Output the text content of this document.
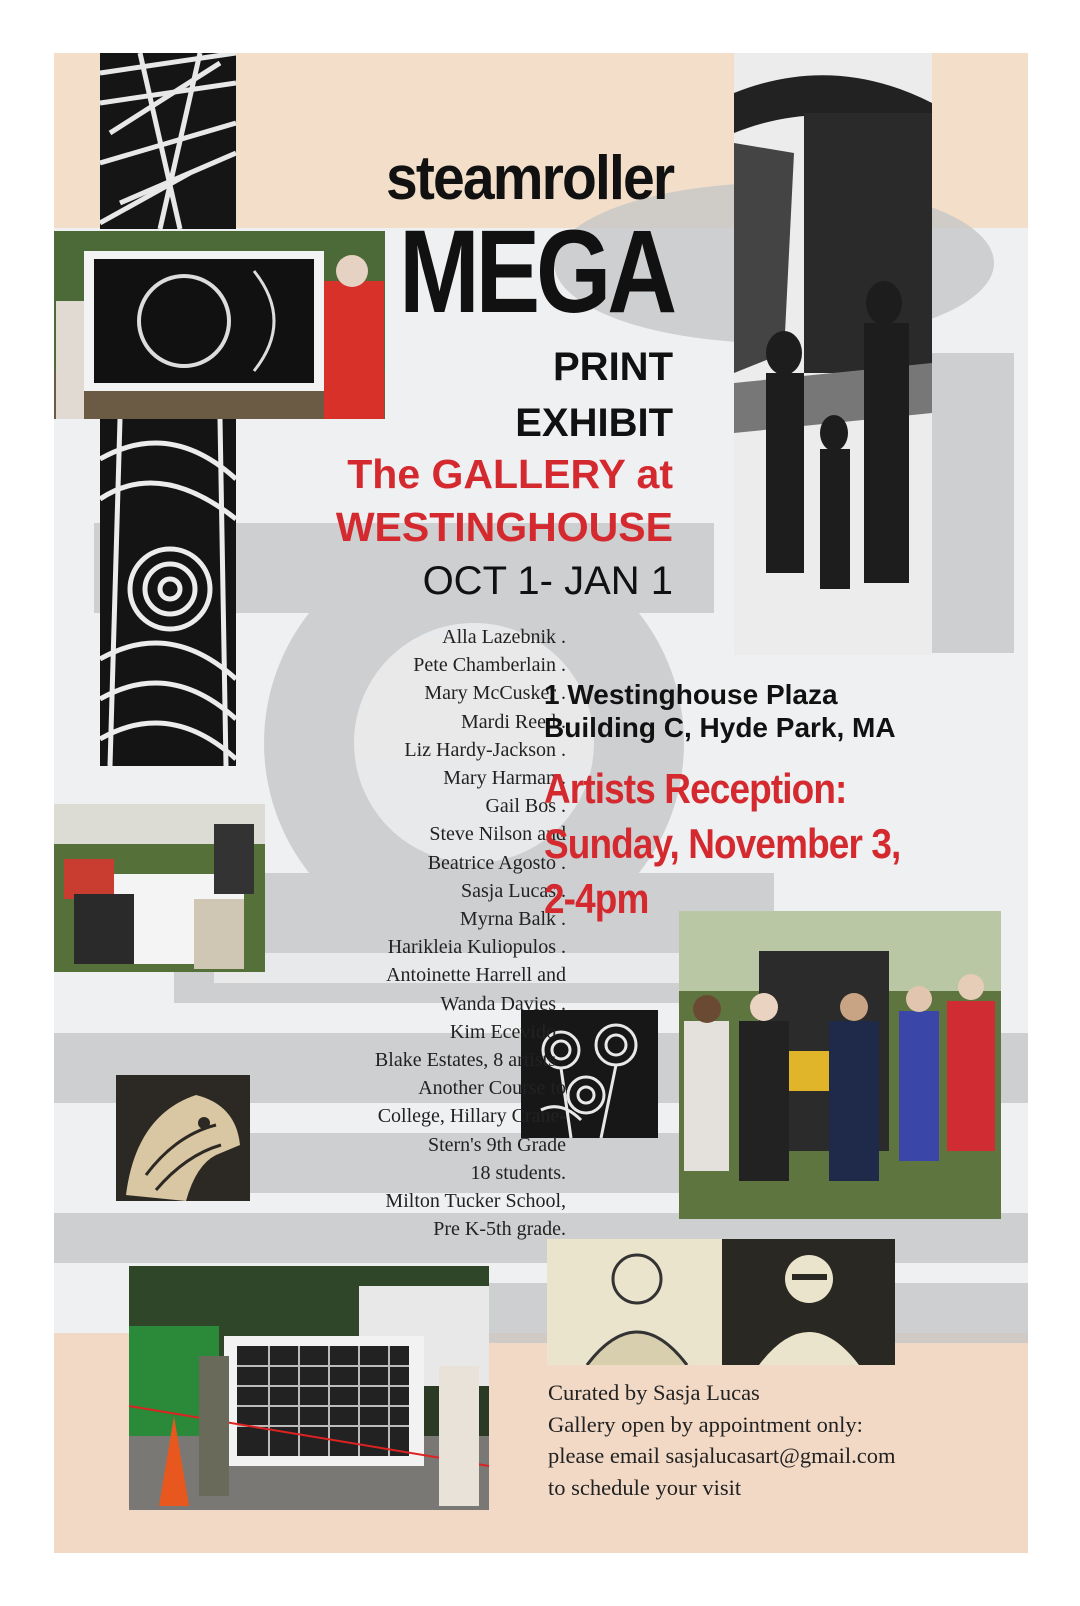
steamroller
MEGA
PRINT
EXHIBIT
The GALLERY at
WESTINGHOUSE
OCT 1- JAN 1
Alla Lazebnik .
Pete Chamberlain .
Mary McCusker .
Mardi Reed .
Liz Hardy-Jackson .
Mary Harman .
Gail Bos .
Steve Nilson and
Beatrice Agosto .
Sasja Lucas .
Myrna Balk .
Harikleia Kuliopulos .
Antoinette Harrell and
Wanda Davies .
Kim Ecevido .
Blake Estates, 8 artists .
Another Course to
College, Hillary Crane-
Stern's 9th Grade
18 students.
Milton Tucker School,
Pre K-5th grade.
1 Westinghouse Plaza
Building C, Hyde Park, MA
Artists Reception:
Sunday, November 3,
2-4pm
Curated by Sasja Lucas
Gallery open by appointment only:
please email sasjalucasart@gmail.com
to schedule your visit
